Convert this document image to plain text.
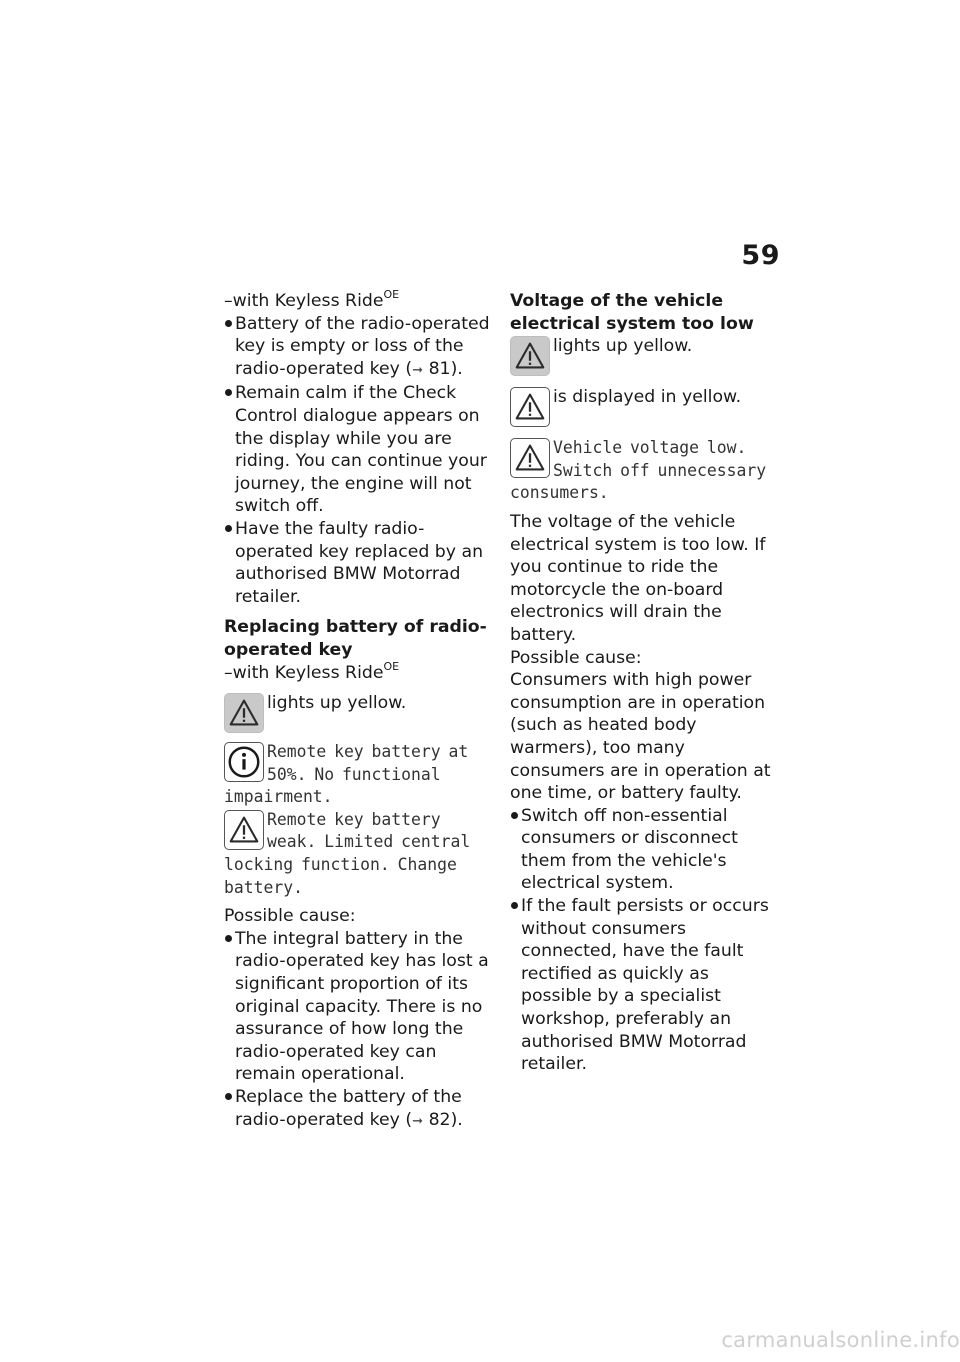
59

–with Keyless Ride$^{OE}$

Battery of the radio-operated key is empty or loss of the radio-operated key (➞ 81).
Remain calm if the Check Control dialogue appears on the display while you are riding. You can continue your journey, the engine will not switch off.
Have the faulty radio-operated key replaced by an authorised BMW Motorrad retailer.

Replacing battery of radio-operated key

–with Keyless Ride$^{OE}$

lights up yellow.
Remote key battery at 50%. No functional impairment.
Remote key battery weak. Limited central locking function. Change battery.

Possible cause:

The integral battery in the radio-operated key has lost a significant proportion of its original capacity. There is no assurance of how long the radio-operated key can remain operational.
Replace the battery of the radio-operated key (➞ 82).

Voltage of the vehicle electrical system too low

lights up yellow.
is displayed in yellow.
Vehicle voltage low. Switch off unnecessary consumers.

The voltage of the vehicle electrical system is too low. If you continue to ride the motorcycle the on-board electronics will drain the battery.

Possible cause:

Consumers with high power consumption are in operation (such as heated body warmers), too many consumers are in operation at one time, or battery faulty.

Switch off non-essential consumers or disconnect them from the vehicle's electrical system.
If the fault persists or occurs without consumers connected, have the fault rectified as quickly as possible by a specialist workshop, preferably an authorised BMW Motorrad retailer.
carmanualsonline.info
